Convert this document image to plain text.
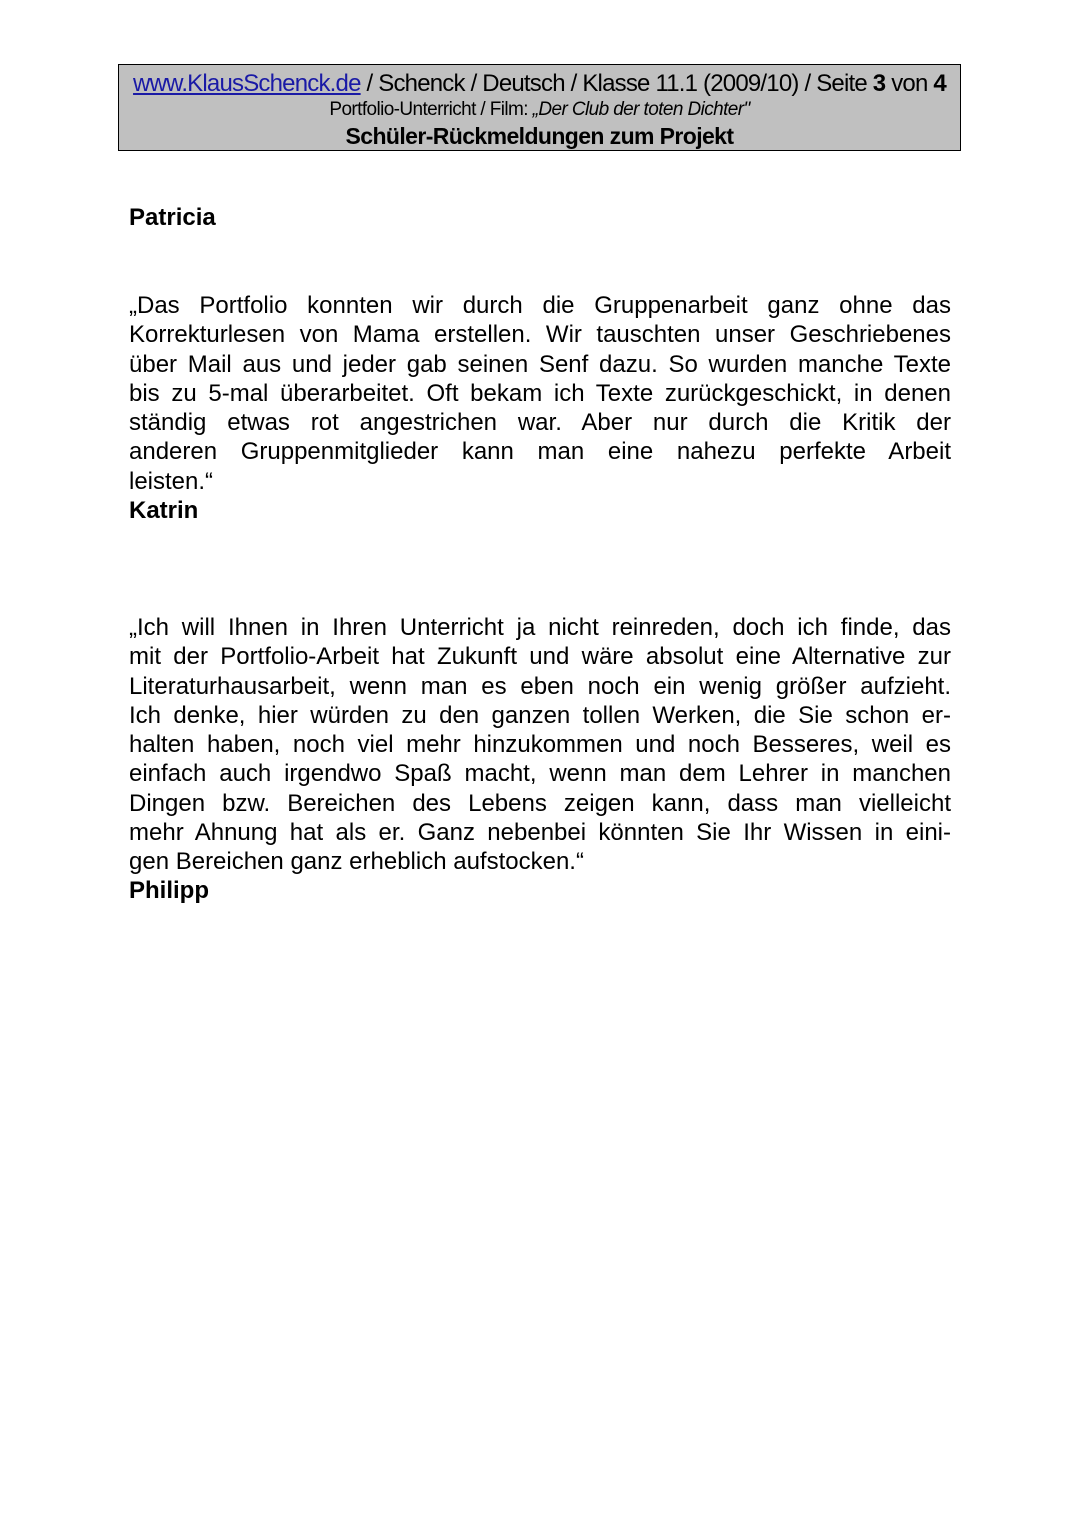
www.KlausSchenck.de / Schenck / Deutsch / Klasse 11.1 (2009/10) / Seite 3 von 4
Portfolio-Unterricht / Film: „Der Club der toten Dichter"
Schüler-Rückmeldungen zum Projekt
Patricia
„Das Portfolio konnten wir durch die Gruppenarbeit ganz ohne das
Korrekturlesen von Mama erstellen. Wir tauschten unser Geschriebenes
über Mail aus und jeder gab seinen Senf dazu. So wurden manche Texte
bis zu 5-mal überarbeitet. Oft bekam ich Texte zurückgeschickt, in denen
ständig etwas rot angestrichen war. Aber nur durch die Kritik der
anderen Gruppenmitglieder kann man eine nahezu perfekte Arbeit
leisten.“
Katrin
„Ich will Ihnen in Ihren Unterricht ja nicht reinreden, doch ich finde, das
mit der Portfolio-Arbeit hat Zukunft und wäre absolut eine Alternative zur
Literaturhausarbeit, wenn man es eben noch ein wenig größer aufzieht.
Ich denke, hier würden zu den ganzen tollen Werken, die Sie schon er-
halten haben, noch viel mehr hinzukommen und noch Besseres, weil es
einfach auch irgendwo Spaß macht, wenn man dem Lehrer in manchen
Dingen bzw. Bereichen des Lebens zeigen kann, dass man vielleicht
mehr Ahnung hat als er. Ganz nebenbei könnten Sie Ihr Wissen in eini-
gen Bereichen ganz erheblich aufstocken.“
Philipp
